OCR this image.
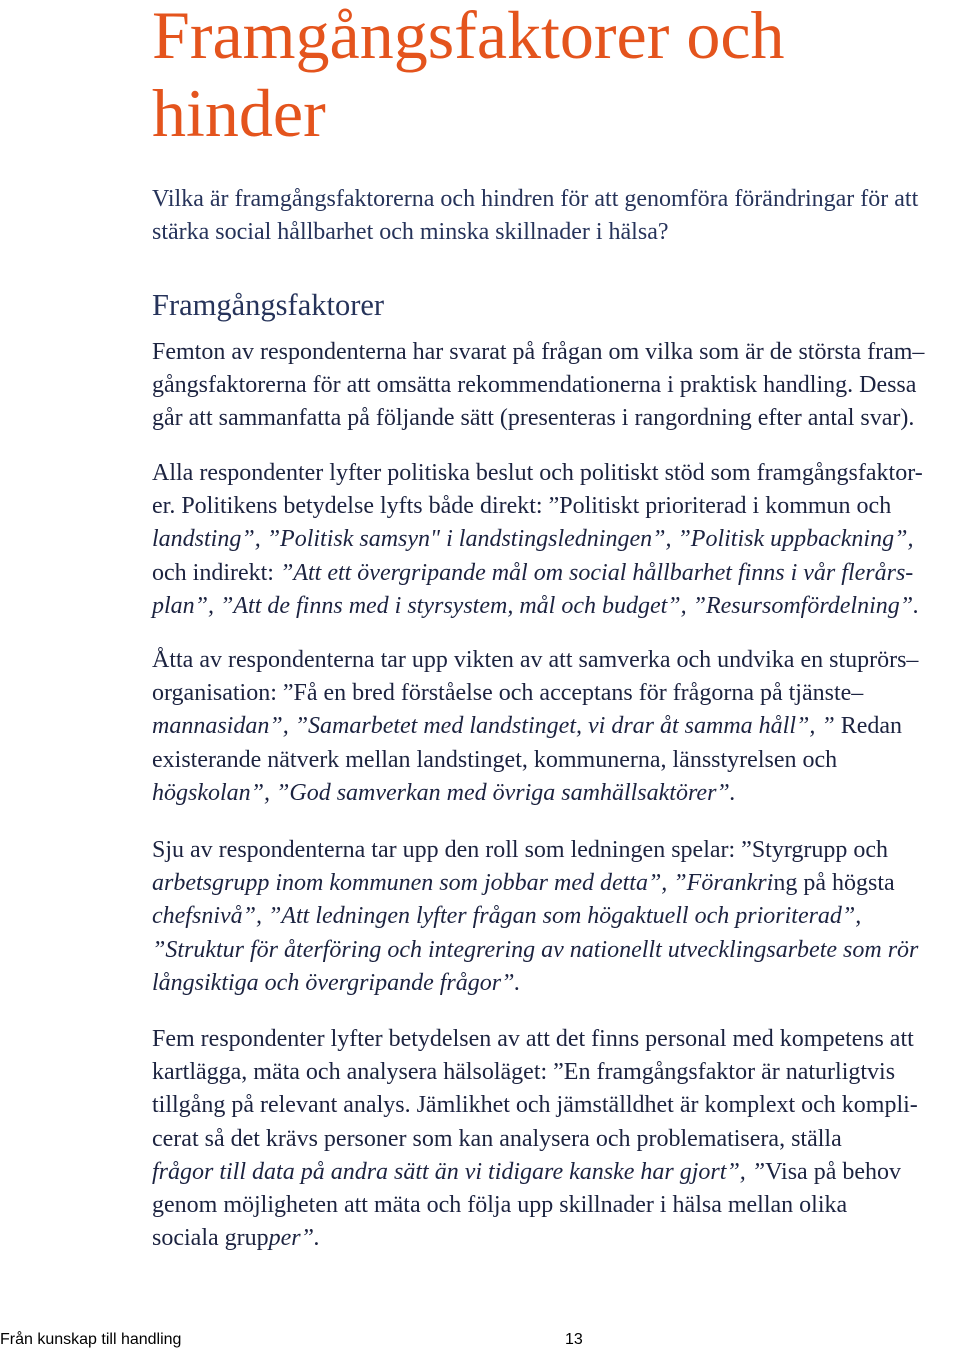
Framgångsfaktorer och
hinder
Vilka är framgångsfaktorerna och hindren för att genomföra förändringar för att
stärka social hållbarhet och minska skillnader i hälsa?
Framgångsfaktorer
Femton av respondenterna har svarat på frågan om vilka som är de största fram–
gångsfaktorerna för att omsätta rekommendationerna i praktisk handling. Dessa
går att sammanfatta på följande sätt (presenteras i rangordning efter antal svar).
Alla respondenter lyfter politiska beslut och politiskt stöd som framgångsfaktor-
er. Politikens betydelse lyfts både direkt: ”Politiskt prioriterad i kommun och
landsting”, ”Politisk samsyn" i landstingsledningen”, ”Politisk uppbackning”,
och indirekt: ”Att ett övergripande mål om social hållbarhet finns i vår flerårs-
plan”, ”Att de finns med i styrsystem, mål och budget”, ”Resursomfördelning”.
Åtta av respondenterna tar upp vikten av att samverka och undvika en stuprörs–
organisation: ”Få en bred förståelse och acceptans för frågorna på tjänste–
mannasidan”, ”Samarbetet med landstinget, vi drar åt samma håll”, ” Redan
existerande nätverk mellan landstinget, kommunerna, länsstyrelsen och
högskolan”, ”God samverkan med övriga samhällsaktörer”.
Sju av respondenterna tar upp den roll som ledningen spelar: ”Styrgrupp och
arbetsgrupp inom kommunen som jobbar med detta”, ”Förankring på högsta
chefsnivå”, ”Att ledningen lyfter frågan som högaktuell och prioriterad”,
”Struktur för återföring och integrering av nationellt utvecklingsarbete som rör
långsiktiga och övergripande frågor”.
Fem respondenter lyfter betydelsen av att det finns personal med kompetens att
kartlägga, mäta och analysera hälsoläget: ”En framgångsfaktor är naturligtvis
tillgång på relevant analys. Jämlikhet och jämställdhet är komplext och kompli-
cerat så det krävs personer som kan analysera och problematisera, ställa
frågor till data på andra sätt än vi tidigare kanske har gjort”, ”Visa på behov
genom möjligheten att mäta och följa upp skillnader i hälsa mellan olika
sociala grupper”.
Från kunskap till handling	13
